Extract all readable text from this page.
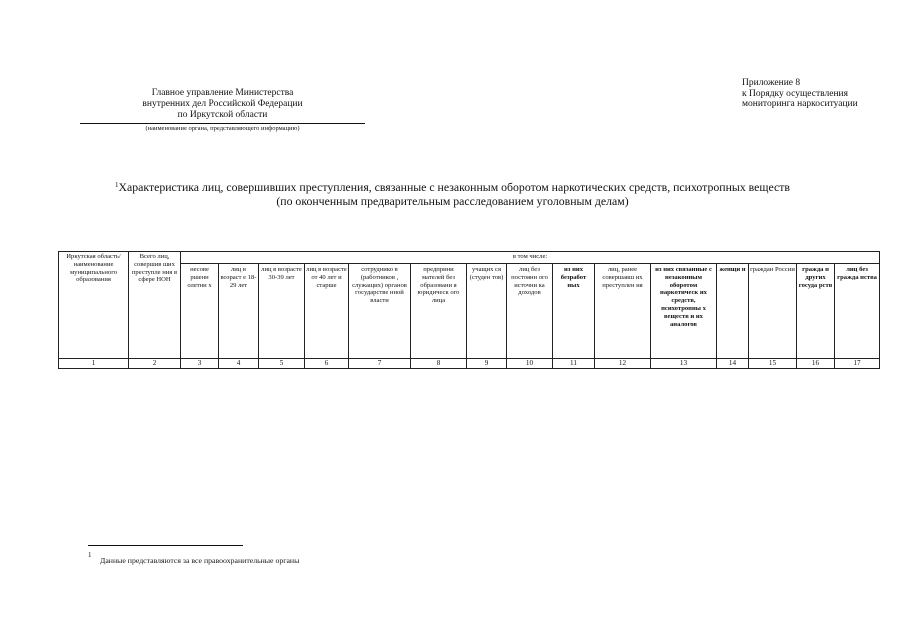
Главное управление Министерства
внутренних дел Российской Федерации
по Иркутской области
(наименование органа, представляющего информацию)
Приложение 8
к Порядку осуществления
мониторинга наркоситуации
$^1$Характеристика лиц, совершивших преступления, связанные с незаконным оборотом наркотических средств, психотропных веществ
(по оконченным предварительным расследованием уголовным делам)
Иркутская область/ наименование муниципального образования	Всего лиц, совершив ших преступле ния в сфере НОН	в том числе:														
		несове ршенн олетни х	лиц в возраст е 18-29 лет	лиц в возрасте 30-39 лет	лиц в возрасте от 40 лет и старше	сотруднико в (работников , служащих) органов государстве нной власти	предприни мателей без образовани я юридическ ого лица	учащих ся (студен тов)	лиц без постоянн ого источни ка доходов	из них безработ ных	лиц, ранее совершавш их преступлен ия	из них связанные с незаконным оборотом наркотическ их средств, психотропны х веществ и их аналогов	женщи н	граждан России	гражда н других госуда рств	лиц без гражда нства
1	2	3	4	5	6	7	8	9	10	11	12	13	14	15	16	17
1
Данные представляются за все правоохранительные органы
